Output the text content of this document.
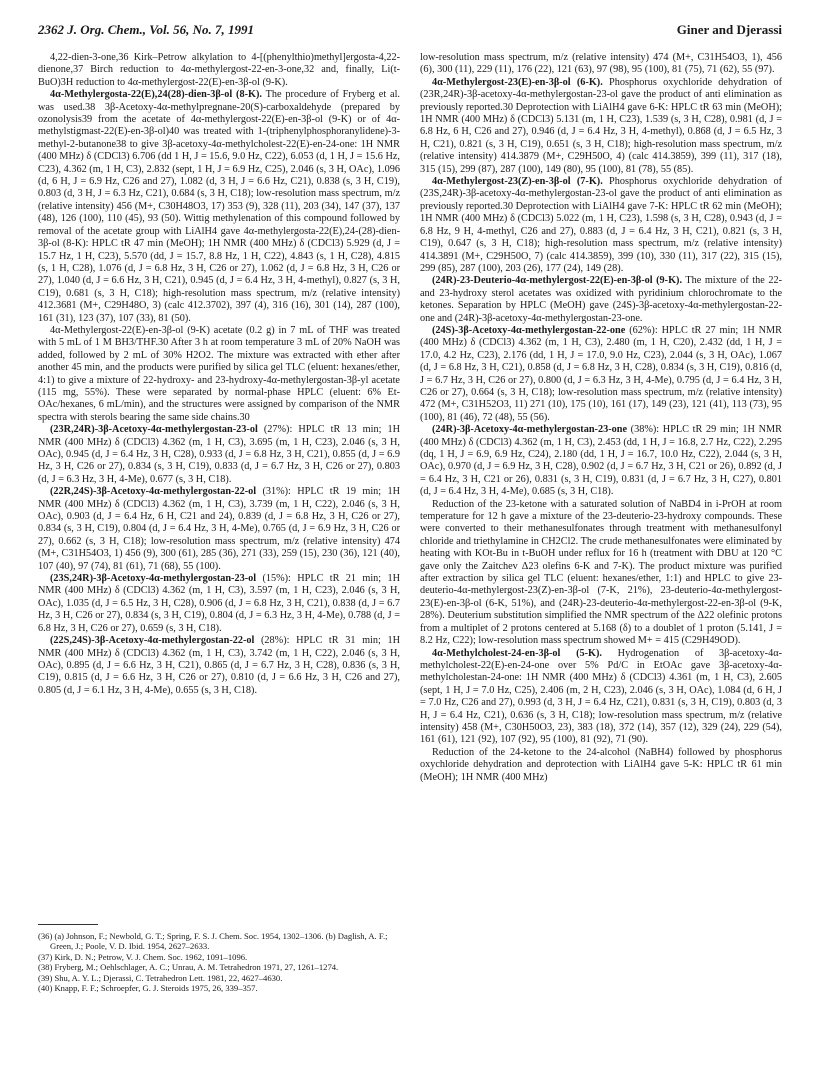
2362 J. Org. Chem., Vol. 56, No. 7, 1991	Giner and Djerassi

4,22-dien-3-one,36 Kirk–Petrow alkylation to 4-[(phenylthio)methyl]ergosta-4,22-dienone,37 Birch reduction to 4α-methylergost-22-en-3-one,32 and, finally, Li(t-BuO)3H reduction to 4α-methylergost-22(E)-en-3β-ol (9-K).

4α-Methylergosta-22(E),24(28)-dien-3β-ol (8-K). The procedure of Fryberg et al. was used.38 3β-Acetoxy-4α-methylpregnane-20(S)-carboxaldehyde (prepared by ozonolysis39 from the acetate of 4α-methylergost-22(E)-en-3β-ol (9-K) or of 4α-methylstigmast-22(E)-en-3β-ol)40 was treated with 1-(triphenylphosphoranylidene)-3-methyl-2-butanone38 to give 3β-acetoxy-4α-methylcholest-22(E)-en-24-one: 1H NMR (400 MHz) δ (CDCl3) 6.706 (dd 1 H, J = 15.6, 9.0 Hz, C22), 6.053 (d, 1 H, J = 15.6 Hz, C23), 4.362 (m, 1 H, C3), 2.832 (sept, 1 H, J = 6.9 Hz, C25), 2.046 (s, 3 H, OAc), 1.096 (d, 6 H, J = 6.9 Hz, C26 and 27), 1.082 (d, 3 H, J = 6.6 Hz, C21), 0.838 (s, 3 H, C19), 0.803 (d, 3 H, J = 6.3 Hz, C21), 0.684 (s, 3 H, C18); low-resolution mass spectrum, m/z (relative intensity) 456 (M+, C30H48O3, 17) 353 (9), 328 (11), 203 (34), 147 (37), 137 (48), 126 (100), 110 (45), 93 (50). Wittig methylenation of this compound followed by removal of the acetate group with LiAlH4 gave 4α-methylergosta-22(E),24-(28)-dien-3β-ol (8-K): HPLC tR 47 min (MeOH); 1H NMR (400 MHz) δ (CDCl3) 5.929 (d, J = 15.7 Hz, 1 H, C23), 5.570 (dd, J = 15.7, 8.8 Hz, 1 H, C22), 4.843 (s, 1 H, C28), 4.815 (s, 1 H, C28), 1.076 (d, J = 6.8 Hz, 3 H, C26 or 27), 1.062 (d, J = 6.8 Hz, 3 H, C26 or 27), 1.040 (d, J = 6.6 Hz, 3 H, C21), 0.945 (d, J = 6.4 Hz, 3 H, 4-methyl), 0.827 (s, 3 H, C19), 0.681 (s, 3 H, C18); high-resolution mass spectrum, m/z (relative intensity) 412.3681 (M+, C29H48O, 3) (calc 412.3702), 397 (4), 316 (16), 301 (14), 287 (100), 161 (31), 123 (37), 107 (33), 81 (50).

4α-Methylergost-22(E)-en-3β-ol (9-K) acetate (0.2 g) in 7 mL of THF was treated with 5 mL of 1 M BH3/THF.30 After 3 h at room temperature 3 mL of 20% NaOH was added, followed by 2 mL of 30% H2O2. The mixture was extracted with ether after another 45 min, and the products were purified by silica gel TLC (eluent: hexanes/ether, 4:1) to give a mixture of 22-hydroxy- and 23-hydroxy-4α-methylergostan-3β-yl acetate (115 mg, 55%). These were separated by normal-phase HPLC (eluent: 6% Et-OAc/hexanes, 6 mL/min), and the structures were assigned by comparison of the NMR spectra with sterols bearing the same side chains.30

(23R,24R)-3β-Acetoxy-4α-methylergostan-23-ol (27%): HPLC tR 13 min; 1H NMR (400 MHz) δ (CDCl3) 4.362 (m, 1 H, C3), 3.695 (m, 1 H, C23), 2.046 (s, 3 H, OAc), 0.945 (d, J = 6.4 Hz, 3 H, C28), 0.933 (d, J = 6.8 Hz, 3 H, C21), 0.855 (d, J = 6.9 Hz, 3 H, C26 or 27), 0.834 (s, 3 H, C19), 0.833 (d, J = 6.7 Hz, 3 H, C26 or 27), 0.803 (d, J = 6.3 Hz, 3 H, 4-Me), 0.677 (s, 3 H, C18).

(22R,24S)-3β-Acetoxy-4α-methylergostan-22-ol (31%): HPLC tR 19 min; 1H NMR (400 MHz) δ (CDCl3) 4.362 (m, 1 H, C3), 3.739 (m, 1 H, C22), 2.046 (s, 3 H, OAc), 0.903 (d, J = 6.4 Hz, 6 H, C21 and 24), 0.839 (d, J = 6.8 Hz, 3 H, C26 or 27), 0.834 (s, 3 H, C19), 0.804 (d, J = 6.4 Hz, 3 H, 4-Me), 0.765 (d, J = 6.9 Hz, 3 H, C26 or 27), 0.662 (s, 3 H, C18); low-resolution mass spectrum, m/z (relative intensity) 474 (M+, C31H54O3, 1) 456 (9), 300 (61), 285 (36), 271 (33), 259 (15), 230 (36), 121 (40), 107 (40), 97 (74), 81 (61), 71 (68), 55 (100).

(23S,24R)-3β-Acetoxy-4α-methylergostan-23-ol (15%): HPLC tR 21 min; 1H NMR (400 MHz) δ (CDCl3) 4.362 (m, 1 H, C3), 3.597 (m, 1 H, C23), 2.046 (s, 3 H, OAc), 1.035 (d, J = 6.5 Hz, 3 H, C28), 0.906 (d, J = 6.8 Hz, 3 H, C21), 0.838 (d, J = 6.7 Hz, 3 H, C26 or 27), 0.834 (s, 3 H, C19), 0.804 (d, J = 6.3 Hz, 3 H, 4-Me), 0.788 (d, J = 6.8 Hz, 3 H, C26 or 27), 0.659 (s, 3 H, C18).

(22S,24S)-3β-Acetoxy-4α-methylergostan-22-ol (28%): HPLC tR 31 min; 1H NMR (400 MHz) δ (CDCl3) 4.362 (m, 1 H, C3), 3.742 (m, 1 H, C22), 2.046 (s, 3 H, OAc), 0.895 (d, J = 6.6 Hz, 3 H, C21), 0.865 (d, J = 6.7 Hz, 3 H, C28), 0.836 (s, 3 H, C19), 0.815 (d, J = 6.6 Hz, 3 H, C26 or 27), 0.810 (d, J = 6.6 Hz, 3 H, C26 and 27), 0.805 (d, J = 6.1 Hz, 3 H, 4-Me), 0.655 (s, 3 H, C18).

low-resolution mass spectrum, m/z (relative intensity) 474 (M+, C31H54O3, 1), 456 (6), 300 (11), 229 (11), 176 (22), 121 (63), 97 (98), 95 (100), 81 (75), 71 (62), 55 (97).

4α-Methylergost-23(E)-en-3β-ol (6-K). Phosphorus oxychloride dehydration of (23R,24R)-3β-acetoxy-4α-methylergostan-23-ol gave the product of anti elimination as previously reported.30 Deprotection with LiAlH4 gave 6-K: HPLC tR 63 min (MeOH); 1H NMR (400 MHz) δ (CDCl3) 5.131 (m, 1 H, C23), 1.539 (s, 3 H, C28), 0.981 (d, J = 6.8 Hz, 6 H, C26 and 27), 0.946 (d, J = 6.4 Hz, 3 H, 4-methyl), 0.868 (d, J = 6.5 Hz, 3 H, C21), 0.821 (s, 3 H, C19), 0.651 (s, 3 H, C18); high-resolution mass spectrum, m/z (relative intensity) 414.3879 (M+, C29H50O, 4) (calc 414.3859), 399 (11), 317 (18), 315 (15), 299 (87), 287 (100), 149 (80), 95 (100), 81 (78), 55 (85).

4α-Methylergost-23(Z)-en-3β-ol (7-K). Phosphorus oxychloride dehydration of (23S,24R)-3β-acetoxy-4α-methylergostan-23-ol gave the product of anti elimination as previously reported.30 Deprotection with LiAlH4 gave 7-K: HPLC tR 62 min (MeOH); 1H NMR (400 MHz) δ (CDCl3) 5.022 (m, 1 H, C23), 1.598 (s, 3 H, C28), 0.943 (d, J = 6.8 Hz, 9 H, 4-methyl, C26 and 27), 0.883 (d, J = 6.4 Hz, 3 H, C21), 0.821 (s, 3 H, C19), 0.647 (s, 3 H, C18); high-resolution mass spectrum, m/z (relative intensity) 414.3891 (M+, C29H50O, 7) (calc 414.3859), 399 (10), 330 (11), 317 (22), 315 (15), 299 (85), 287 (100), 203 (26), 177 (24), 149 (28).

(24R)-23-Deuterio-4α-methylergost-22(E)-en-3β-ol (9-K). The mixture of the 22- and 23-hydroxy sterol acetates was oxidized with pyridinium chlorochromate to the ketones. Separation by HPLC (MeOH) gave (24S)-3β-acetoxy-4α-methylergostan-22-one and (24R)-3β-acetoxy-4α-methylergostan-23-one.

(24S)-3β-Acetoxy-4α-methylergostan-22-one (62%): HPLC tR 27 min; 1H NMR (400 MHz) δ (CDCl3) 4.362 (m, 1 H, C3), 2.480 (m, 1 H, C20), 2.432 (dd, 1 H, J = 17.0, 4.2 Hz, C23), 2.176 (dd, 1 H, J = 17.0, 9.0 Hz, C23), 2.044 (s, 3 H, OAc), 1.067 (d, J = 6.8 Hz, 3 H, C21), 0.858 (d, J = 6.8 Hz, 3 H, C28), 0.834 (s, 3 H, C19), 0.816 (d, J = 6.7 Hz, 3 H, C26 or 27), 0.800 (d, J = 6.3 Hz, 3 H, 4-Me), 0.795 (d, J = 6.4 Hz, 3 H, C26 or 27), 0.664 (s, 3 H, C18); low-resolution mass spectrum, m/z (relative intensity) 472 (M+, C31H52O3, 11) 271 (10), 175 (10), 161 (17), 149 (23), 121 (41), 113 (73), 95 (100), 81 (46), 72 (48), 55 (56).

(24R)-3β-Acetoxy-4α-methylergostan-23-one (38%): HPLC tR 29 min; 1H NMR (400 MHz) δ (CDCl3) 4.362 (m, 1 H, C3), 2.453 (dd, 1 H, J = 16.8, 2.7 Hz, C22), 2.295 (dq, 1 H, J = 6.9, 6.9 Hz, C24), 2.180 (dd, 1 H, J = 16.7, 10.0 Hz, C22), 2.044 (s, 3 H, OAc), 0.970 (d, J = 6.9 Hz, 3 H, C28), 0.902 (d, J = 6.7 Hz, 3 H, C21 or 26), 0.892 (d, J = 6.4 Hz, 3 H, C21 or 26), 0.831 (s, 3 H, C19), 0.831 (d, J = 6.7 Hz, 3 H, C27), 0.801 (d, J = 6.4 Hz, 3 H, 4-Me), 0.685 (s, 3 H, C18).

Reduction of the 23-ketone with a saturated solution of NaBD4 in i-PrOH at room temperature for 12 h gave a mixture of the 23-deuterio-23-hydroxy compounds. These were converted to their methanesulfonates through treatment with methanesulfonyl chloride and triethylamine in CH2Cl2. The crude methanesulfonates were eliminated by heating with KOt-Bu in t-BuOH under reflux for 16 h (treatment with DBU at 120 °C gave only the Zaitchev Δ23 olefins 6-K and 7-K). The product mixture was purified after extraction by silica gel TLC (eluent: hexanes/ether, 1:1) and HPLC to give 23-deuterio-4α-methylergost-23(Z)-en-3β-ol (7-K, 21%), 23-deuterio-4α-methylergost-23(E)-en-3β-ol (6-K, 51%), and (24R)-23-deuterio-4α-methylergost-22-en-3β-ol (9-K, 28%). Deuterium substitution simplified the NMR spectrum of the Δ22 olefinic protons from a multiplet of 2 protons centered at 5.168 (δ) to a doublet of 1 proton (5.141, J = 8.2 Hz, C22); low-resolution mass spectrum showed M+ = 415 (C29H49OD).

4α-Methylcholest-24-en-3β-ol (5-K). Hydrogenation of 3β-acetoxy-4α-methylcholest-22(E)-en-24-one over 5% Pd/C in EtOAc gave 3β-acetoxy-4α-methylcholestan-24-one: 1H NMR (400 MHz) δ (CDCl3) 4.361 (m, 1 H, C3), 2.605 (sept, 1 H, J = 7.0 Hz, C25), 2.406 (m, 2 H, C23), 2.046 (s, 3 H, OAc), 1.084 (d, 6 H, J = 7.0 Hz, C26 and 27), 0.993 (d, 3 H, J = 6.4 Hz, C21), 0.831 (s, 3 H, C19), 0.803 (d, 3 H, J = 6.4 Hz, C21), 0.636 (s, 3 H, C18); low-resolution mass spectrum, m/z (relative intensity) 458 (M+, C30H50O3, 23), 383 (18), 372 (14), 357 (12), 329 (24), 229 (54), 161 (61), 121 (92), 107 (92), 95 (100), 81 (92), 71 (90).

Reduction of the 24-ketone to the 24-alcohol (NaBH4) followed by phosphorus oxychloride dehydration and deprotection with LiAlH4 gave 5-K: HPLC tR 61 min (MeOH); 1H NMR (400 MHz)

(36) (a) Johnson, F.; Newbold, G. T.; Spring, F. S. J. Chem. Soc. 1954, 1302–1306. (b) Daglish, A. F.; Green, J.; Poole, V. D. Ibid. 1954, 2627–2633.
(37) Kirk, D. N.; Petrow, V. J. Chem. Soc. 1962, 1091–1096.
(38) Fryberg, M.; Oehlschlager, A. C.; Unrau, A. M. Tetrahedron 1971, 27, 1261–1274.
(39) Shu, A. Y. L.; Djerassi, C. Tetrahedron Lett. 1981, 22, 4627–4630.
(40) Knapp, F. F.; Schroepfer, G. J. Steroids 1975, 26, 339–357.
